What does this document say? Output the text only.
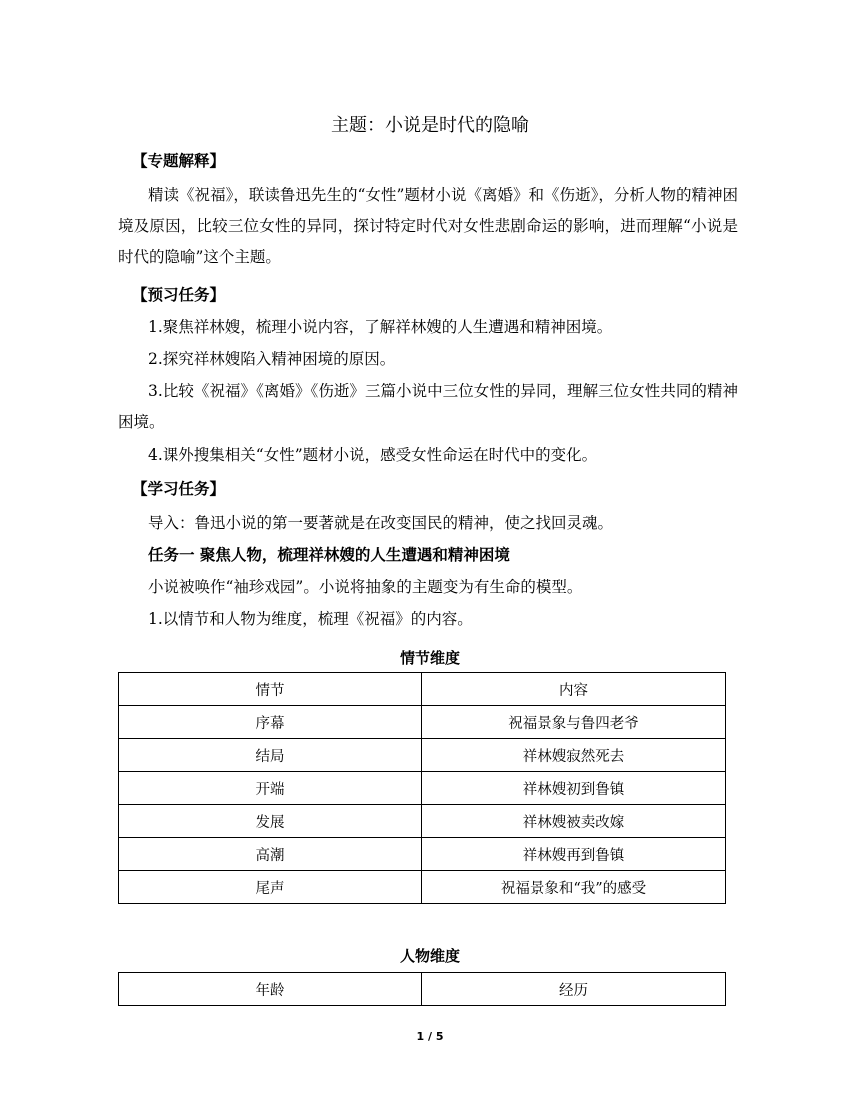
主题：小说是时代的隐喻
【专题解释】

精读《祝福》，联读鲁迅先生的“女性”题材小说《离婚》和《伤逝》，分析人物的精神困境及原因，比较三位女性的异同，探讨特定时代对女性悲剧命运的影响，进而理解“小说是时代的隐喻”这个主题。

【预习任务】

1.聚焦祥林嫂，梳理小说内容，了解祥林嫂的人生遭遇和精神困境。

2.探究祥林嫂陷入精神困境的原因。

3.比较《祝福》《离婚》《伤逝》三篇小说中三位女性的异同，理解三位女性共同的精神困境。

4.课外搜集相关“女性”题材小说，感受女性命运在时代中的变化。

【学习任务】

导入：鲁迅小说的第一要著就是在改变国民的精神，使之找回灵魂。

任务一 聚焦人物，梳理祥林嫂的人生遭遇和精神困境

小说被唤作“袖珍戏园”。小说将抽象的主题变为有生命的模型。

1.以情节和人物为维度，梳理《祝福》的内容。

情节维度
情节	内容
序幕	祝福景象与鲁四老爷
结局	祥林嫂寂然死去
开端	祥林嫂初到鲁镇
发展	祥林嫂被卖改嫁
高潮	祥林嫂再到鲁镇
尾声	祝福景象和“我”的感受
人物维度
年龄	经历
1 / 5
